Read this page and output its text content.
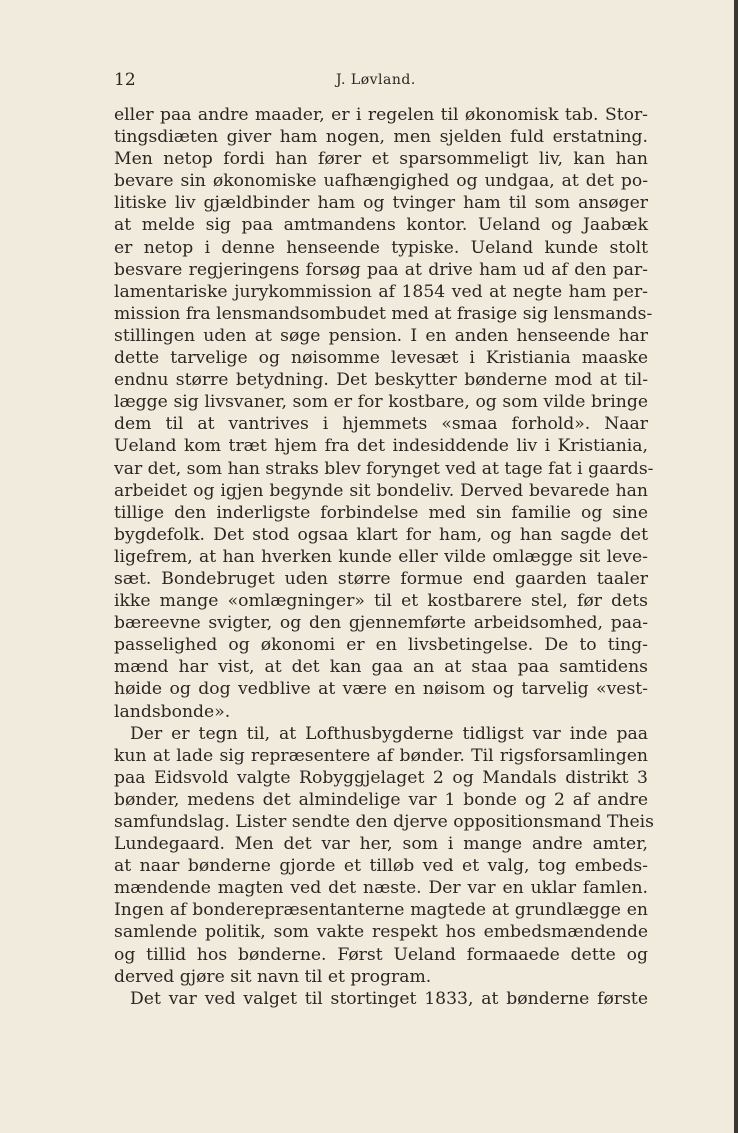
12	J. Løvland.
eller paa andre maader, er i regelen til økonomisk tab. Stor-
tingsdiæten giver ham nogen, men sjelden fuld erstatning.
Men netop fordi han fører et sparsommeligt liv, kan han
bevare sin økonomiske uafhængighed og undgaa, at det po-
litiske liv gjældbinder ham og tvinger ham til som ansøger
at melde sig paa amtmandens kontor. Ueland og Jaabæk
er netop i denne henseende typiske. Ueland kunde stolt
besvare regjeringens forsøg paa at drive ham ud af den par-
lamentariske jurykommission af 1854 ved at negte ham per-
mission fra lensmandsombudet med at frasige sig lensmands-
stillingen uden at søge pension. I en anden henseende har
dette tarvelige og nøisomme levesæt i Kristiania maaske
endnu større betydning. Det beskytter bønderne mod at til-
lægge sig livsvaner, som er for kostbare, og som vilde bringe
dem til at vantrives i hjemmets «smaa forhold». Naar
Ueland kom træt hjem fra det indesiddende liv i Kristiania,
var det, som han straks blev forynget ved at tage fat i gaards-
arbeidet og igjen begynde sit bondeliv. Derved bevarede han
tillige den inderligste forbindelse med sin familie og sine
bygdefolk. Det stod ogsaa klart for ham, og han sagde det
ligefrem, at han hverken kunde eller vilde omlægge sit leve-
sæt. Bondebruget uden større formue end gaarden taaler
ikke mange «omlægninger» til et kostbarere stel, før dets
bæreevne svigter, og den gjennemførte arbeidsomhed, paa-
passelighed og økonomi er en livsbetingelse. De to ting-
mænd har vist, at det kan gaa an at staa paa samtidens
høide og dog vedblive at være en nøisom og tarvelig «vest-
landsbonde».
Der er tegn til, at Lofthusbygderne tidligst var inde paa
kun at lade sig repræsentere af bønder. Til rigsforsamlingen
paa Eidsvold valgte Robyggjelaget 2 og Mandals distrikt 3
bønder, medens det almindelige var 1 bonde og 2 af andre
samfundslag. Lister sendte den djerve oppositionsmand Theis
Lundegaard. Men det var her, som i mange andre amter,
at naar bønderne gjorde et tilløb ved et valg, tog embeds-
mændende magten ved det næste. Der var en uklar famlen.
Ingen af bonderepræsentanterne magtede at grundlægge en
samlende politik, som vakte respekt hos embedsmændende
og tillid hos bønderne. Først Ueland formaaede dette og
derved gjøre sit navn til et program.
Det var ved valget til stortinget 1833, at bønderne første
